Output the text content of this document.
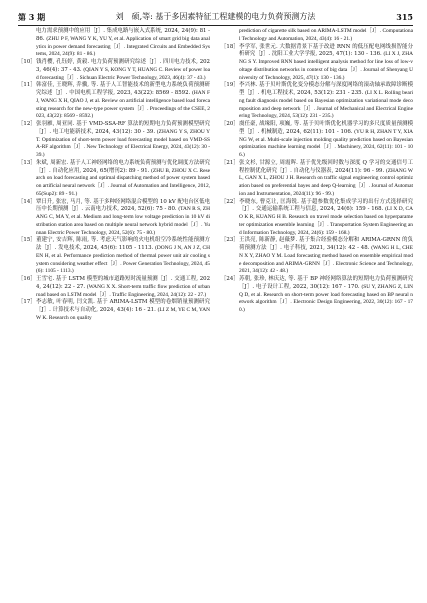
第 3 期	刘　硕,等: 基于多因素特征工程建模的电力负荷预测方法	315

电力需求预测中的应用［J］. 集成电路与嵌入式系统, 2024, 24(9): 81 - 86. (ZHU P F, WANG Y K, YU Y, et al. Application of smart grid big data analytics in power demand forecasting［J］. Integrated Circuits and Embedded Systems, 2024, 24(9): 81 - 86.)

［10］钱肖樱, 孔钰婷, 黄毅. 电力负荷预测研究综述［J］. 四川电力技术, 2023, 46(4): 37 - 43. (QIAN Y S, KONG Y T, HUANG C. Review of power load forecasting［J］. Sichuan Electric Power Technology, 2023, 46(4): 37 - 43.)

［11］韩富佳, 王晓辉, 乔骥, 等. 基于人工智能技术的新型电力系统负荷预测研究综述［J］. 中国电机工程学报, 2023, 43(22): 8569 - 8592. (HAN F J, WANG X H, QIAO J, et al. Review on artificial intelligence based load forecasting research for the new-type power system［J］. Proceedings of the CSEE, 2023, 43(22): 8569 - 8592.)

［12］张羽雁, 周亚同. 基于 VMD-SSA-RF 算法的短期电力负荷预测模型研究［J］. 电工电能新技术, 2024, 43(12): 30 - 39. (ZHANG Y S, ZHOU Y T. Optimization of short-term power load forecasting model based on VMD-SSA-RF algorithm［J］. New Technology of Electrical Energy, 2024, 43(12): 30 - 39.)

［13］朱斌, 周新宏. 基于人工神经网络的电力系统负荷预测与优化调度方法研究［J］. 自动化应用, 2024, 65(增刊2): 89 - 91. (ZHU B, ZHOU X C. Research on load forecasting and optimal dispatching method of power system based on artificial neural network［J］. Journal of Automation and Intelligence, 2012, 65(Sup2): 89 - 91.)

［14］覃日升, 张宏, 马月, 等. 基于多种经网络混合模型的 10 kV 配电台区低电压中长期预测［J］. 云南电力技术, 2024, 52(6): 75 - 80. (TAN R S, ZHANG C, MA Y, et al. Medium and long-term low voltage prediction in 10 kV distribution station area based on multiple neural network hybrid model［J］. Yunnan Electric Power Technology, 2024, 52(6): 75 - 80.)

［15］董建宁, 安吉辉, 陈雨, 等. 考虑天气影响的火电机组空冷系统性能预测方法［J］. 发电技术, 2024, 45(6): 1105 - 1113. (DONG J N, AN J Z, CHEN H, et al. Performance prediction method of thermal power unit air cooling system considering weather effect［J］. Power Generation Technology, 2024, 45(6): 1105 - 1113.)

［16］王雪宅. 基于 LSTM 模型的城市道路短时流量预测［J］. 交通工程, 2024, 24(12): 22 - 27. (WANG X X. Short-term traffic flow prediction of urban road based on LSTM model［J］. Traffic Engineering, 2024, 24(12): 22 - 27.)

［17］李志敏, 叶春明, 闫文凯. 基于 ARIMA-LSTM 模型的卷烟销量预测研究［J］. 计算技术与自动化, 2024, 43(4): 16 - 21. (LI Z M, YE C M, YAN W K. Research on quality

prediction of cigarette silk based on ARIMA-LSTM model［J］. Computational Technology and Automation, 2024, 43(4): 16 - 21.)

［18］李学军, 张世元. 大数据背景下基于改进 RNN 的低压配电网线损智能分析研究［J］. 沈阳工业大学学报, 2025, 47(1): 130 - 136. (LI X J, ZHANG S Y. Improved RNN based intelligent analysis method for line loss of low-voltage distribution networks in context of big data［J］. Journal of Shenyang University of Technology, 2025, 47(1): 130 - 136.)

［19］李兴林. 基于贝叶斯优化变分模态分解与深度网络的滚动轴承故障诊断模型［J］. 机电工程技术, 2024, 53(12): 231 - 235. (LI X L. Rolling bearing fault diagnosis model based on Bayesian optimization variational mode decomposition and deep network［J］. Journal of Mechanical and Electrical Engineering Technology, 2024, 53(12): 231 - 235.)

［20］虞任豪, 战缘阳, 项巍, 等. 基于贝叶斯优化机器学习的多尺度质量预测模型［J］. 机械制造, 2024, 62(11): 101 - 106. (YU R H, ZHAN T Y, XIANG W, et al. Multi-scale injection molding quality prediction based on Bayesian optimization machine learning model［J］. Machinery, 2024, 62(11): 101 - 106.)

［21］张文杉, 甘源立, 周霞晖. 基于优先级回时数与深度 Q 学习的交通信号工程控制优化研究［J］. 自动化与仪器表, 2024(11): 96 - 99. (ZHANG W L, GAN X L, ZHOU J H. Research on traffic signal engineering control optimization based on preferential bayes and deep Q-learning［J］. Journal of Automation and Instrumentation, 2024(11): 96 - 99.)

［22］李晓东, 曹克让, 匡海锐. 基于超参数优化集成学习的出行方式选择研究［J］. 交通运输系统工程与信息, 2024, 24(6): 159 - 168. (LI X D, CAO K R, KUANG H B. Research on travel mode selection based on hyperparameter optimization ensemble learning［J］. Transportation System Engineering and Information Technology, 2024, 24(6): 159 - 168.)

［23］王洪亮, 陈新静, 赵薇梦. 基于集合经验模态分解和 ARIMA-GRNN 的负荷预测方法［J］. 电子科技, 2021, 34(12): 42 - 48. (WANG H L, CHEN X Y, ZHAO Y M. Load forecasting method based on ensemble empirical mode decomposition and ARIMA-GRNN［J］. Electronic Science and Technology, 2021, 34(12): 42 - 48.)

［24］苏朝, 张珍, 林庆达, 等. 基于 BP 神经网络算法的短期电力负荷预测研究［J］. 电子设计工程, 2022, 30(12): 167 - 170. (SU Y, ZHANG Z, LIN Q D, et al. Research on short-term power load forecasting based on BP neural network algorithm［J］. Electronic Design Engineering, 2022, 30(12): 167 - 170.)
